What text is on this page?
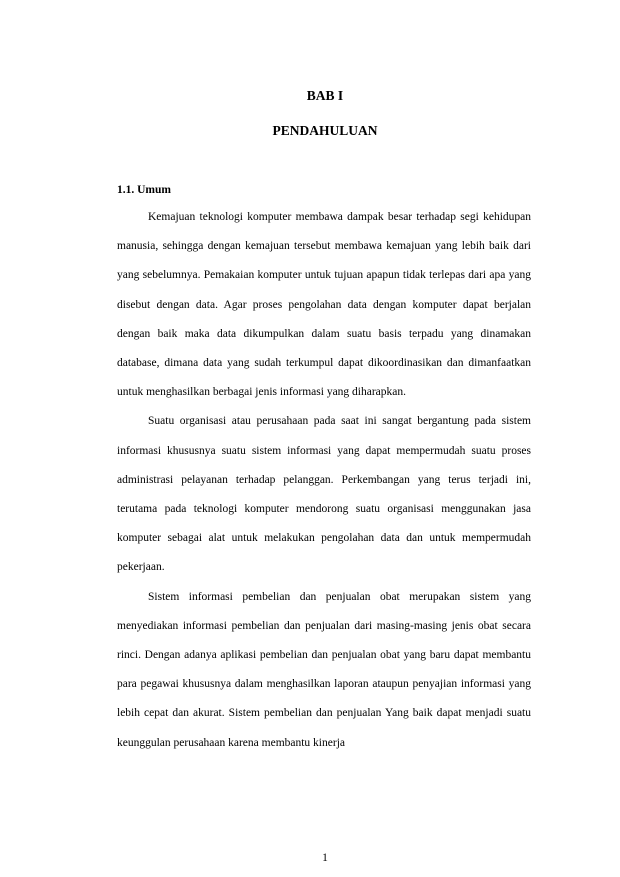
BAB I
PENDAHULUAN
1.1. Umum

Kemajuan teknologi komputer membawa dampak besar terhadap segi kehidupan manusia, sehingga dengan kemajuan tersebut membawa kemajuan yang lebih baik dari yang sebelumnya. Pemakaian komputer untuk tujuan apapun tidak terlepas dari apa yang disebut dengan data. Agar proses pengolahan data dengan komputer dapat berjalan dengan baik maka data dikumpulkan dalam suatu basis terpadu yang dinamakan database, dimana data yang sudah terkumpul dapat dikoordinasikan dan dimanfaatkan untuk menghasilkan berbagai jenis informasi yang diharapkan.

Suatu organisasi atau perusahaan pada saat ini sangat bergantung pada sistem informasi khususnya suatu sistem informasi yang dapat mempermudah suatu proses administrasi pelayanan terhadap pelanggan. Perkembangan yang terus terjadi ini, terutama pada teknologi komputer mendorong suatu organisasi menggunakan jasa komputer sebagai alat untuk melakukan pengolahan data dan untuk mempermudah pekerjaan.

Sistem informasi pembelian dan penjualan obat merupakan sistem yang menyediakan informasi pembelian dan penjualan dari masing-masing jenis obat secara rinci. Dengan adanya aplikasi pembelian dan penjualan obat yang baru dapat membantu para pegawai khususnya dalam menghasilkan laporan ataupun penyajian informasi yang lebih cepat dan akurat. Sistem pembelian dan penjualan Yang baik dapat menjadi suatu keunggulan perusahaan karena membantu kinerja

1
